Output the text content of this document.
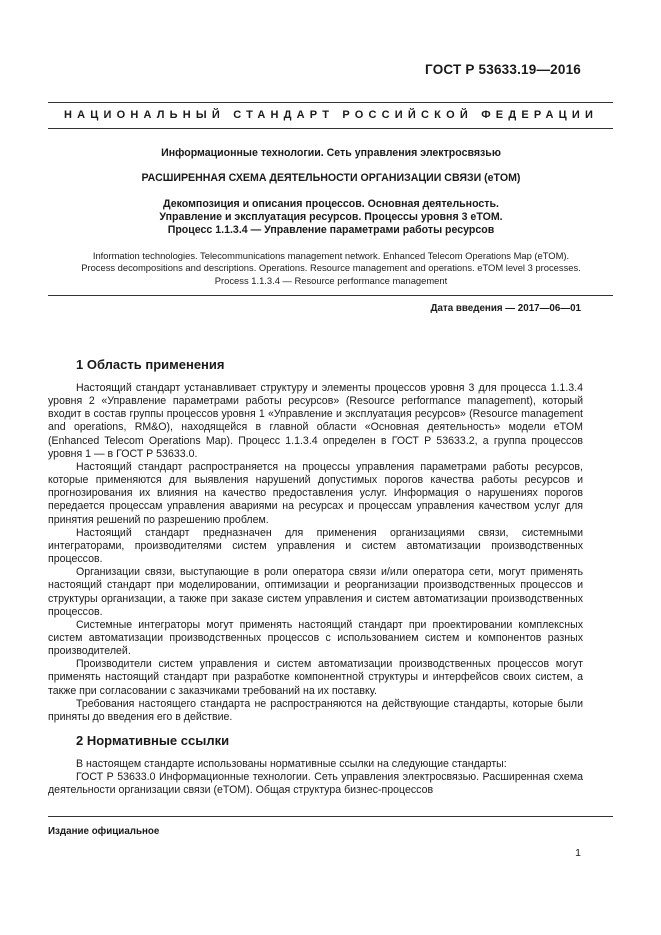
ГОСТ Р 53633.19—2016
НАЦИОНАЛЬНЫЙ СТАНДАРТ РОССИЙСКОЙ ФЕДЕРАЦИИ

Информационные технологии. Сеть управления электросвязью

РАСШИРЕННАЯ СХЕМА ДЕЯТЕЛЬНОСТИ ОРГАНИЗАЦИИ СВЯЗИ (eTOM)

Декомпозиция и описания процессов. Основная деятельность.

Управление и эксплуатация ресурсов. Процессы уровня 3 eTOM.

Процесс 1.1.3.4 — Управление параметрами работы ресурсов

Information technologies. Telecommunications management network. Enhanced Telecom Operations Map (eTOM).

Process decompositions and descriptions. Operations. Resource management and operations. eTOM level 3 processes.

Process 1.1.3.4 — Resource performance management

Дата введения — 2017—06—01
1 Область применения

Настоящий стандарт устанавливает структуру и элементы процессов уровня 3 для процесса 1.1.3.4 уровня 2 «Управление параметрами работы ресурсов» (Resource performance management), который входит в состав группы процессов уровня 1 «Управление и эксплуатация ресурсов» (Resource management and operations, RM&O), находящейся в главной области «Основная деятельность» модели eTOM (Enhanced Telecom Operations Map). Процесс 1.1.3.4 определен в ГОСТ Р 53633.2, а группа процессов уровня 1 — в ГОСТ Р 53633.0.

Настоящий стандарт распространяется на процессы управления параметрами работы ресурсов, которые применяются для выявления нарушений допустимых порогов качества работы ресурсов и прогнозирования их влияния на качество предоставления услуг. Информация о нарушениях порогов передается процессам управления авариями на ресурсах и процессам управления качеством услуг для принятия решений по разрешению проблем.

Настоящий стандарт предназначен для применения организациями связи, системными интеграторами, производителями систем управления и систем автоматизации производственных процессов.

Организации связи, выступающие в роли оператора связи и/или оператора сети, могут применять настоящий стандарт при моделировании, оптимизации и реорганизации производственных процессов и структуры организации, а также при заказе систем управления и систем автоматизации производственных процессов.

Системные интеграторы могут применять настоящий стандарт при проектировании комплексных систем автоматизации производственных процессов с использованием систем и компонентов разных производителей.

Производители систем управления и систем автоматизации производственных процессов могут применять настоящий стандарт при разработке компонентной структуры и интерфейсов своих систем, а также при согласовании с заказчиками требований на их поставку.

Требования настоящего стандарта не распространяются на действующие стандарты, которые были приняты до введения его в действие.

2 Нормативные ссылки

В настоящем стандарте использованы нормативные ссылки на следующие стандарты:

ГОСТ Р 53633.0 Информационные технологии. Сеть управления электросвязью. Расширенная схема деятельности организации связи (eTOM). Общая структура бизнес-процессов

Издание официальное
1
